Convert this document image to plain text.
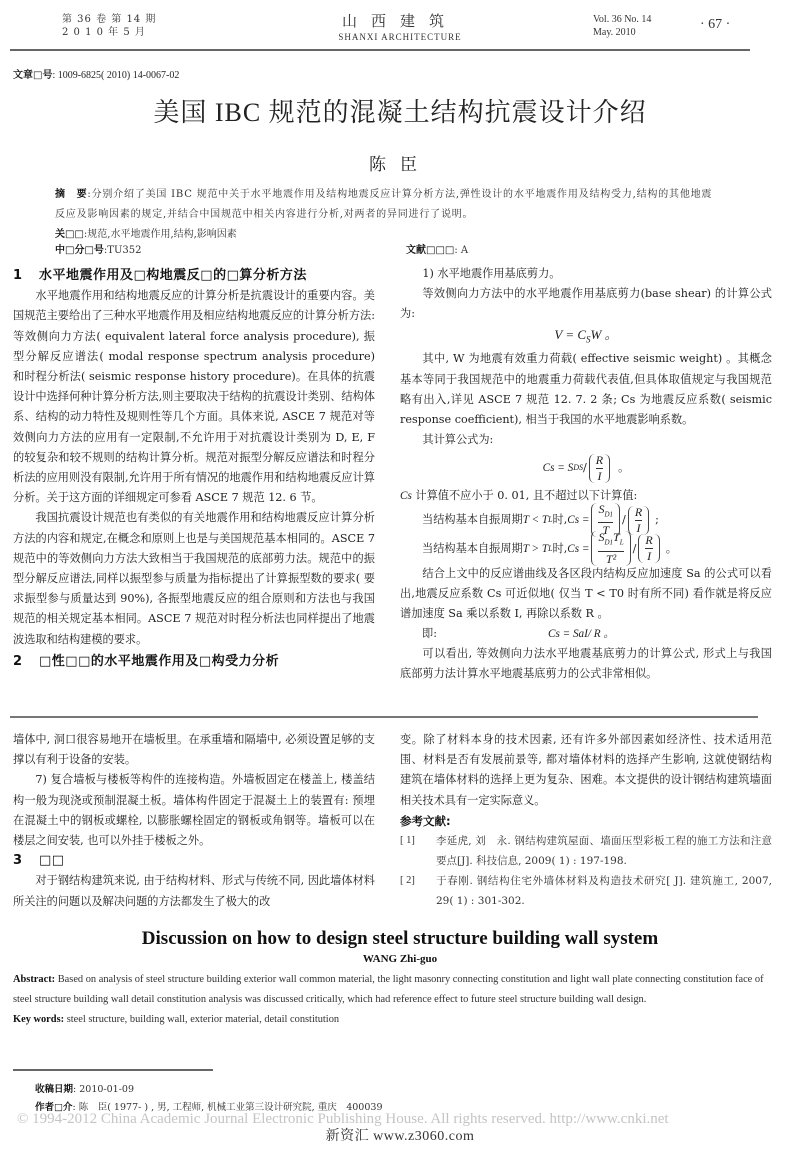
第 36 卷 第 14 期
2 0 1 0 年 5 月
山西建筑
SHANXI ARCHITECTURE
Vol. 36 No. 14
May. 2010
· 67 ·
文章□号: 1009-6825( 2010) 14-0067-02
美国 IBC 规范的混凝土结构抗震设计介绍
陈臣
摘　要:分别介绍了美国 IBC 规范中关于水平地震作用及结构地震反应计算分析方法,弹性设计的水平地震作用及结构受力,结构的其他地震反应及影响因素的规定,并结合中国规范中相关内容进行分析,对两者的异同进行了说明。
关□□:规范,水平地震作用,结构,影响因素
中□分□号:TU352	文献□□□: A
1 水平地震作用及□构地震反□的□算分析方法

水平地震作用和结构地震反应的计算分析是抗震设计的重要内容。美国规范主要给出了三种水平地震作用及相应结构地震反应的计算分析方法:等效侧向力方法( equivalent lateral force analysis procedure), 振型分解反应谱法( modal response spectrum analysis procedure) 和时程分析法( seismic response history procedure)。在具体的抗震设计中选择何种计算分析方法,则主要取决于结构的抗震设计类别、结构体系、结构的动力特性及规则性等几个方面。具体来说, ASCE 7 规范对等效侧向力方法的应用有一定限制,不允许用于对抗震设计类别为 D, E, F 的较复杂和较不规则的结构计算分析。规范对振型分解反应谱法和时程分析法的应用则没有限制,允许用于所有情况的地震作用和结构地震反应计算分析。关于这方面的详细规定可参看 ASCE 7 规范 12. 6 节。

我国抗震设计规范也有类似的有关地震作用和结构地震反应计算分析方法的内容和规定,在概念和原则上也是与美国规范基本相同的。ASCE 7 规范中的等效侧向力方法大致相当于我国规范的底部剪力法。规范中的振型分解反应谱法,同样以振型参与质量为指标提出了计算振型数的要求( 要求振型参与质量达到 90%), 各振型地震反应的组合原则和方法也与我国规范的相关规定基本相同。ASCE 7 规范对时程分析法也同样提出了地震波选取和结构建模的要求。

2 □性□□的水平地震作用及□构受力分析

1) 水平地震作用基底剪力。

等效侧向力方法中的水平地震作用基底剪力(base shear) 的计算公式为:

$V = C_SW$ 。

其中, W 为地震有效重力荷载( effective seismic weight) 。其概念基本等同于我国规范中的地震重力荷载代表值,但具体取值规定与我国规范略有出入,详见 ASCE 7 规范 12. 7. 2 条; Cs 为地震反应系数( seismic response coefficient), 相当于我国的水平地震影响系数。

其计算公式为:

Cs = S DS / $\frac{R}{I}$ 。

Cs 计算值不应小于 0. 01, 且不超过以下计算值:

当结构基本自振周期 T < T L 时, $Cs = \frac{S_{D1}}{T} / \frac{R}{I}$ ;
当结构基本自振周期 T > T L 时, $Cs = \frac{S_{D1}T_L}{\text{T²}} / \frac{R}{I}$ 。

结合上文中的反应谱曲线及各区段内结构反应加速度 Sa 的公式可以看出,地震反应系数 Cs 可近似地( 仅当 T < T0 时有所不同) 看作就是将反应谱加速度 Sa 乘以系数 I, 再除以系数 R 。

即:	Cs = SaI/ R 。

可以看出, 等效侧向力法水平地震基底剪力的计算公式, 形式上与我国底部剪力法计算水平地震基底剪力的公式非常相似。

墙体中, 洞口很容易地开在墙板里。在承重墙和隔墙中, 必须设置足够的支撑以有利于设备的安装。

7) 复合墙板与楼板等构件的连接构造。外墙板固定在楼盖上, 楼盖结构一般为现浇或预制混凝土板。墙体构件固定于混凝土上的装置有: 预埋在混凝土中的钢板或螺栓, 以膨胀螺栓固定的钢板或角钢等。墙板可以在楼层之间安装, 也可以外挂于楼板之外。

3 □□

对于钢结构建筑来说, 由于结构材料、形式与传统不同, 因此墙体材料所关注的问题以及解决问题的方法都发生了极大的改

变。除了材料本身的技术因素, 还有许多外部因素如经济性、技术适用范围、材料是否有发展前景等, 都对墙体材料的选择产生影响, 这就使钢结构建筑在墙体材料的选择上更为复杂、困难。本文提供的设计钢结构建筑墙面相关技术具有一定实际意义。

参考文献:
[ 1]	李延虎, 刘　永. 钢结构建筑屋面、墙面压型彩板工程的施工方法和注意要点[J]. 科技信息, 2009( 1) : 197-198.
[ 2]	于春刚. 钢结构住宅外墙体材料及构造技术研究[ J]. 建筑施工, 2007, 29( 1) : 301-302.
Discussion on how to design steel structure building wall system
WANG Zhi-guo
Abstract: Based on analysis of steel structure building exterior wall common material, the light masonry connecting constitution and light wall plate connecting constitution face of steel structure building wall detail constitution analysis was discussed critically, which had reference effect to future steel structure building wall design.
Key words: steel structure, building wall, exterior material, detail constitution
收稿日期: 2010-01-09
作者□介: 陈　臣( 1977- ) , 男, 工程师, 机械工业第三设计研究院, 重庆　400039
© 1994-2012 China Academic Journal Electronic Publishing House. All rights reserved. http://www.cnki.net
新资汇 www.z3060.com
